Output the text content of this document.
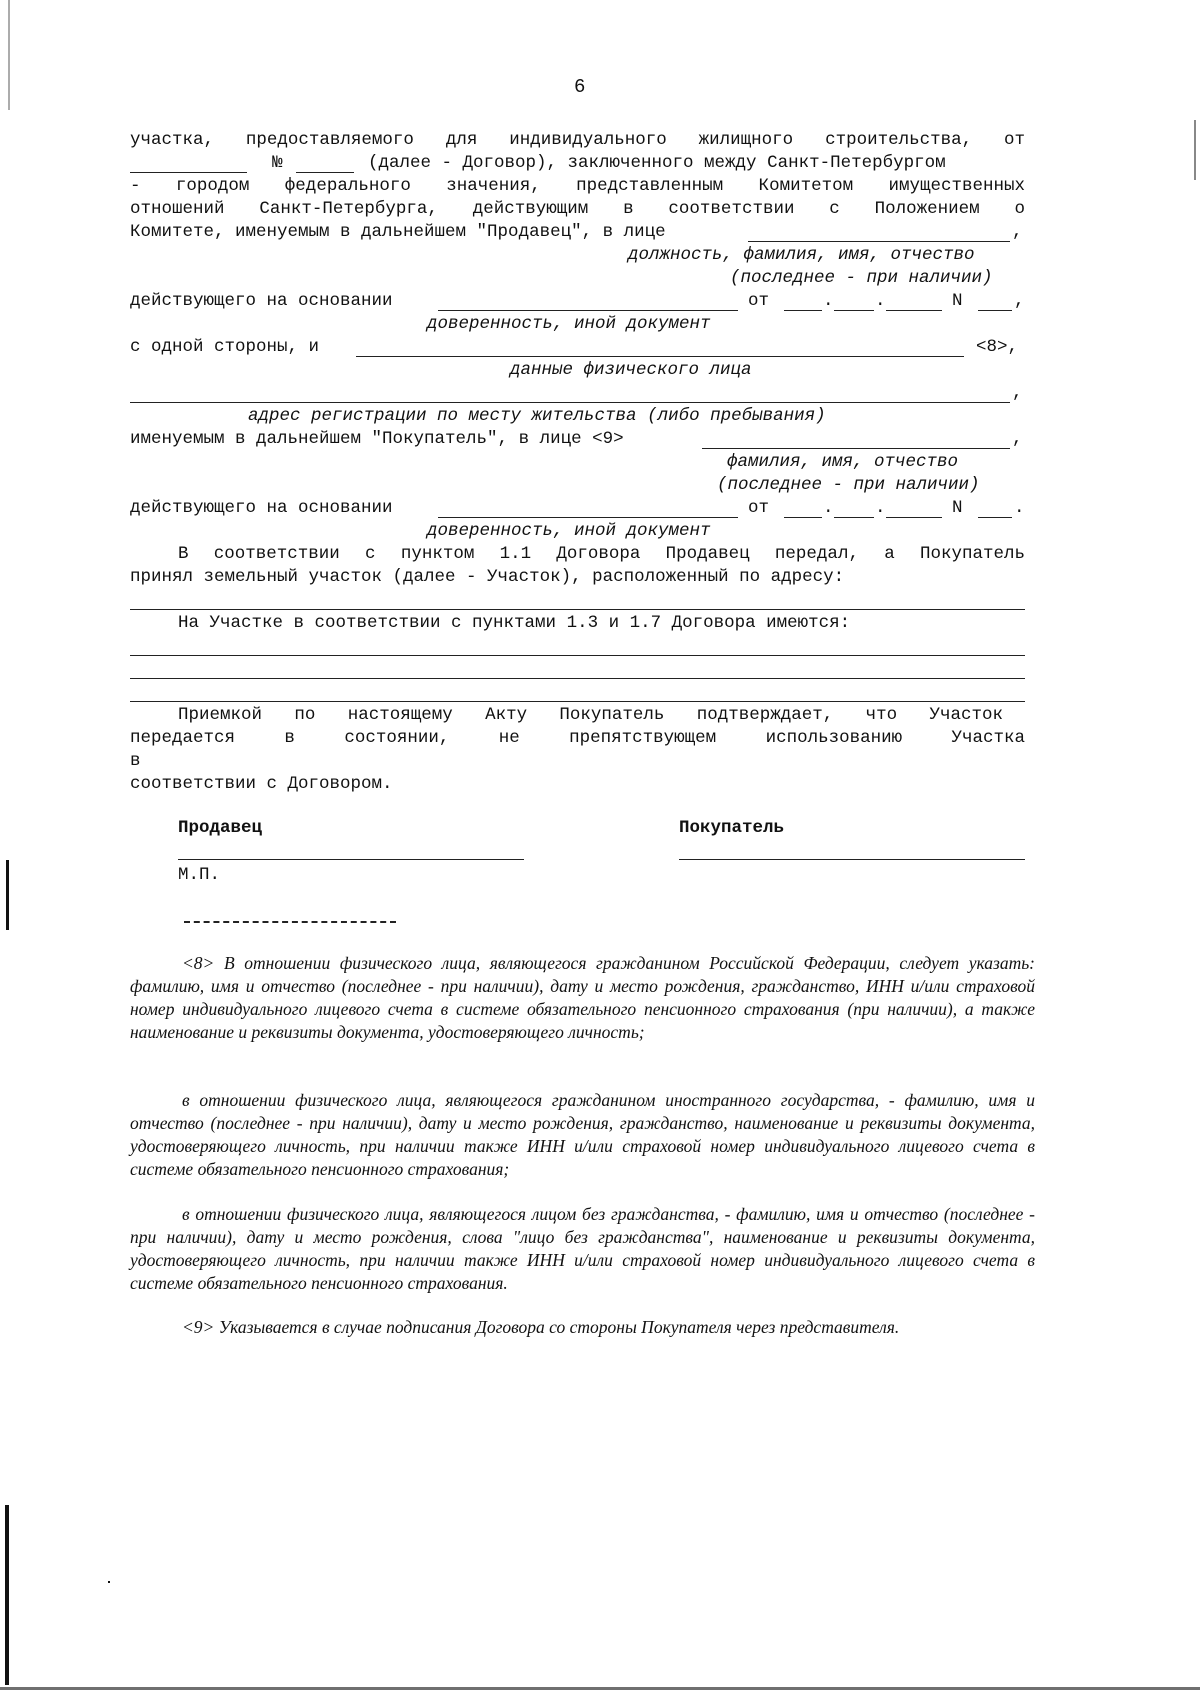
6
участка, предоставляемого для индивидуального жилищного строительства, от
№	(далее - Договор), заключенного между Санкт-Петербургом
- городом федерального значения, представленным Комитетом имущественных
отношений Санкт-Петербурга, действующим в соответствии с Положением о
Комитете, именуемым в дальнейшем "Продавец", в лице	,
должность, фамилия, имя, отчество
(последнее - при наличии)
действующего на основании	от	. .	N	,
доверенность, иной документ
с одной стороны, и	<8>,
данные физического лица
,
адрес регистрации по месту жительства (либо пребывания)
именуемым в дальнейшем "Покупатель", в лице <9>	,
фамилия, имя, отчество
(последнее - при наличии)
действующего на основании	от	. .	N	.
доверенность, иной документ
В соответствии с пунктом 1.1 Договора Продавец передал, а Покупатель
принял земельный участок (далее - Участок), расположенный по адресу:
На Участке в соответствии с пунктами 1.3 и 1.7 Договора имеются:
Приемкой по настоящему Акту Покупатель подтверждает, что Участок
передается в состоянии, не препятствующем использованию Участка
в
соответствии с Договором.
Продавец	Покупатель
М.П.
<8> В отношении физического лица, являющегося гражданином Российской Федерации, следует указать: фамилию, имя и отчество (последнее - при наличии), дату и место рождения, гражданство, ИНН и/или страховой номер индивидуального лицевого счета в системе обязательного пенсионного страхования (при наличии), а также наименование и реквизиты документа, удостоверяющего личность;
в отношении физического лица, являющегося гражданином иностранного государства, - фамилию, имя и отчество (последнее - при наличии), дату и место рождения, гражданство, наименование и реквизиты документа, удостоверяющего личность, при наличии также ИНН и/или страховой номер индивидуального лицевого счета в системе обязательного пенсионного страхования;
в отношении физического лица, являющегося лицом без гражданства, - фамилию, имя и отчество (последнее - при наличии), дату и место рождения, слова "лицо без гражданства", наименование и реквизиты документа, удостоверяющего личность, при наличии также ИНН и/или страховой номер индивидуального лицевого счета в системе обязательного пенсионного страхования.
<9> Указывается в случае подписания Договора со стороны Покупателя через представителя.
